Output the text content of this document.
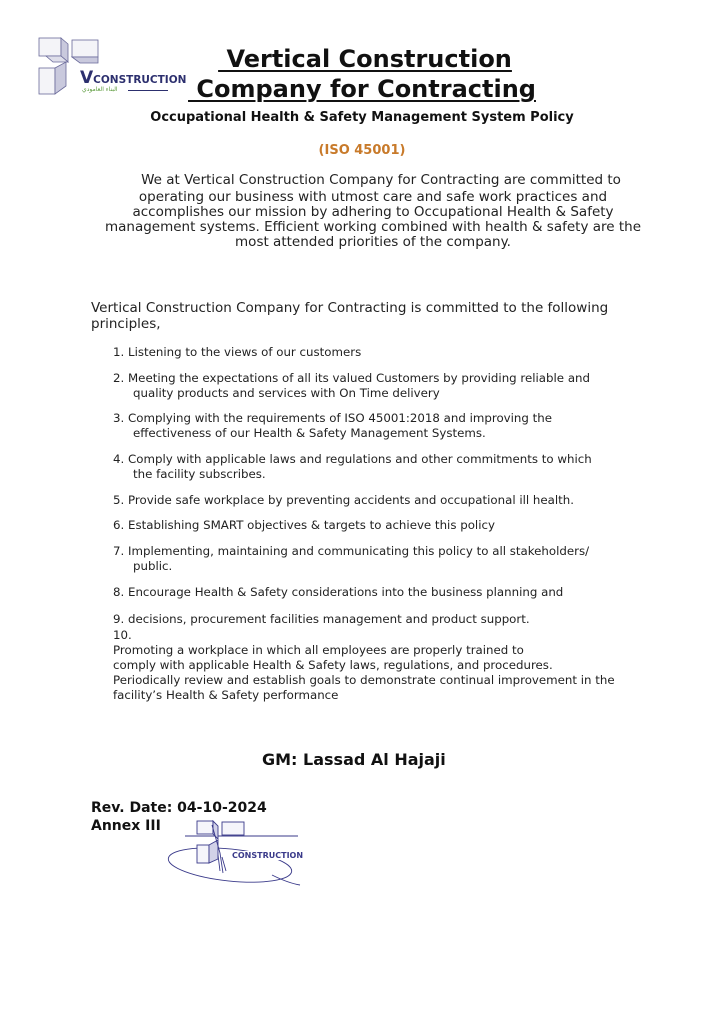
VCONSTRUCTION
البناء العامودي
Vertical Construction
Company for Contracting
Occupational Health & Safety Management System Policy
(ISO 45001)
We at Vertical Construction Company for Contracting are committed to
operating our business with utmost care and safe work practices and
accomplishes our mission by adhering to Occupational Health & Safety
management systems. Efficient working combined with health & safety are the
most attended priorities of the company.
Vertical Construction Company for Contracting is committed to the following
principles,
1. Listening to the views of our customers
2. Meeting the expectations of all its valued Customers by providing reliable and
quality products and services with On Time delivery
3. Complying with the requirements of ISO 45001:2018 and improving the
effectiveness of our Health & Safety Management Systems.
4. Comply with applicable laws and regulations and other commitments to which
the facility subscribes.
5. Provide safe workplace by preventing accidents and occupational ill health.
6. Establishing SMART objectives & targets to achieve this policy
7. Implementing, maintaining and communicating this policy to all stakeholders/
public.
8. Encourage Health & Safety considerations into the business planning and
9. decisions, procurement facilities management and product support.
10.
Promoting a workplace in which all employees are properly trained to
comply with applicable Health & Safety laws, regulations, and procedures.
Periodically review and establish goals to demonstrate continual improvement in the
facility’s Health & Safety performance
GM: Lassad Al Hajaji
Rev. Date: 04-10-2024
Annex III
CONSTRUCTION
